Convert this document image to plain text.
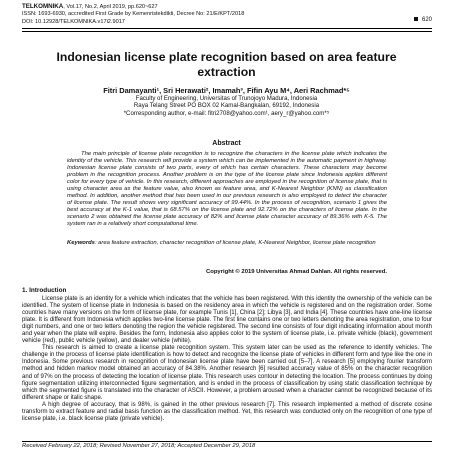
TELKOMNIKA, Vol.17, No.2, April 2019, pp.620~627
ISSN: 1693-6930, accredited First Grade by Kemenristekdikti, Decree No: 21/E/KPT/2018
DOI: 10.12928/TELKOMNIKA.v17i2.9017	620
Indonesian license plate recognition based on area feature extraction
Fitri Damayanti¹, Sri Herawati², Imamah³, Fifin Ayu M⁴, Aeri Rachmad*⁵
Faculty of Engineering, Universitas of Trunojoyo Madura, Indonesia
Raya Telang Street PO BOX 02 Kamal-Bangkalan, 69192, Indonesia
*Corresponding author, e-mail: fitri2708@yahoo.com¹, aery_r@yahoo.com*⁵
Abstract
The main principle of license plate recognition is to recognize the characters in the license plate which indicates the identity of the vehicle. This research will provide a system which can be implemented in the automatic payment in highway. Indonesian license plate consists of two parts, every of which has certain characters. These characters may become problem in the recognition process. Another problem is on the type of the license plate since Indonesia applies different color for every type of vehicle. In this research, different approaches are employed in the recognition of license plate, that is using character area as the feature value, also known as feature area, and K-Nearest Neighbor (KNN) as classification method. In addition, another method that has been used in our previous research is also employed to detect the character of license plate. The result shows very significant accuracy of 99.44%. In the process of recognition, scenario 1 gives the best accuracy at the K-1 value, that is 68.57% on the license plate and 92.72% on the characters of license plate. In the scenario 2 was obtained the license plate accuracy of 82% and license plate character accuracy of 89.36% with K-5. The system ran in a relatively short computational time.
Keywords: area feature extraction, character recognition of license plate, K-Nearest Neighbor, license plate recognition
Copyright © 2019 Universitas Ahmad Dahlan. All rights reserved.
1. Introduction

License plate is an identity for a vehicle which indicates that the vehicle has been registered. With this identity the ownership of the vehicle can be identified. The system of license plate in Indonesia is based on the residency area in which the vehicle is registered and on the registration order. Some countries have many versions on the form of license plate, for example Tunis [1], China [2]; Libya [3], and India [4]. These countries have one-line license plate. It is different from Indonesia which applies two-line license plate. The first line contains one or two letters denoting the area registration, one to four digit numbers, and one or two letters denoting the region the vehicle registered. The second line consists of four digit indicating information about month and year when the plate will expire. Besides the form, Indonesia also applies color to the system of license plate, i.e. private vehicle (black), government vehicle (red), public vehicle (yellow), and dealer vehicle (white).

This research is aimed to create a license plate recognition system. This system later can be used as the reference to identify vehicles. The challenge in the process of license plate identification is how to detect and recognize the license plate of vehicles in different form and type like the one in Indonesia. Some previous research in recognition of Indonesian license plate have been carried out [5–7]. A research [5] employing fourier transform method and hidden markov model obtained an accuracy of 84.38%. Another research [6] resulted accuracy value of 85% on the character recognition and of 97% on the process of detecting the location of license plate. This research uses contour in detecting the location. The process continues by doing figure segmentation utilizing interconnected figure segmentation, and is ended in the process of classification by using static classification technique by which the segmented figure is translated into the character of ASCII. However, a problem aroused when a character cannot be recognized because of its different shape or italic shape.

A high degree of accuracy, that is 98%, is gained in the other previous research [7]. This research implemented a method of discrete cosine transform to extract feature and radial basis function as the classification method. Yet, this research was conducted only on the recognition of one type of license plate, i.e. black license plate (private vehicle).

Received February 22, 2018; Revised November 27, 2018; Accepted December 29, 2018
